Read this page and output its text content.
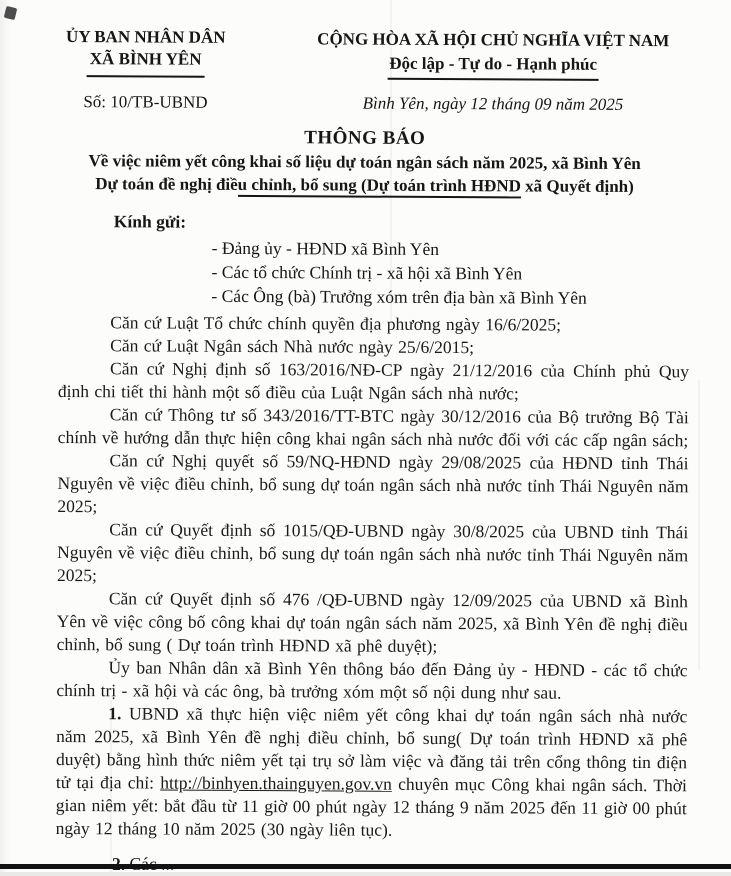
ỦY BAN NHÂN DÂN
XÃ BÌNH YÊN
CỘNG HÒA XÃ HỘI CHỦ NGHĨA VIỆT NAM
Độc lập - Tự do - Hạnh phúc
Số: 10/TB-UBND	Bình Yên, ngày 12 tháng 09 năm 2025
THÔNG BÁO
Về việc niêm yết công khai số liệu dự toán ngân sách năm 2025, xã Bình Yên
Dự toán đề nghị điều chỉnh, bổ sung (Dự toán trình HĐND xã Quyết định)
Kính gửi:
- Đảng ủy - HĐND xã Bình Yên
- Các tổ chức Chính trị - xã hội xã Bình Yên
- Các Ông (bà) Trưởng xóm trên địa bàn xã Bình Yên

Căn cứ Luật Tổ chức chính quyền địa phương ngày 16/6/2025;

Căn cứ Luật Ngân sách Nhà nước ngày 25/6/2015;

Căn cứ Nghị định số 163/2016/NĐ-CP ngày 21/12/2016 của Chính phủ Quy định chi tiết thi hành một số điều của Luật Ngân sách nhà nước;

Căn cứ Thông tư số 343/2016/TT-BTC ngày 30/12/2016 của Bộ trưởng Bộ Tài chính về hướng dẫn thực hiện công khai ngân sách nhà nước đối với các cấp ngân sách;

Căn cứ Nghị quyết số 59/NQ-HĐND ngày 29/08/2025 của HĐND tỉnh Thái Nguyên về việc điều chỉnh, bổ sung dự toán ngân sách nhà nước tỉnh Thái Nguyên năm 2025;

Căn cứ Quyết định số 1015/QĐ-UBND ngày 30/8/2025 của UBND tỉnh Thái Nguyên về việc điều chỉnh, bổ sung dự toán ngân sách nhà nước tỉnh Thái Nguyên năm 2025;

Căn cứ Quyết định số 476 /QĐ-UBND ngày 12/09/2025 của UBND xã Bình Yên về việc công bố công khai dự toán ngân sách năm 2025, xã Bình Yên đề nghị điều chỉnh, bổ sung ( Dự toán trình HĐND xã phê duyệt);

Ủy ban Nhân dân xã Bình Yên thông báo đến Đảng ủy - HĐND - các tổ chức chính trị - xã hội và các ông, bà trưởng xóm một số nội dung như sau.

1. UBND xã thực hiện việc niêm yết công khai dự toán ngân sách nhà nước năm 2025, xã Bình Yên đề nghị điều chỉnh, bổ sung( Dự toán trình HĐND xã phê duyệt) bằng hình thức niêm yết tại trụ sở làm việc và đăng tải trên cổng thông tin điện tử tại địa chỉ: http://binhyen.thainguyen.gov.vn chuyên mục Công khai ngân sách. Thời gian niêm yết: bắt đầu từ 11 giờ 00 phút ngày 12 tháng 9 năm 2025 đến 11 giờ 00 phút ngày 12 tháng 10 năm 2025 (30 ngày liên tục).
